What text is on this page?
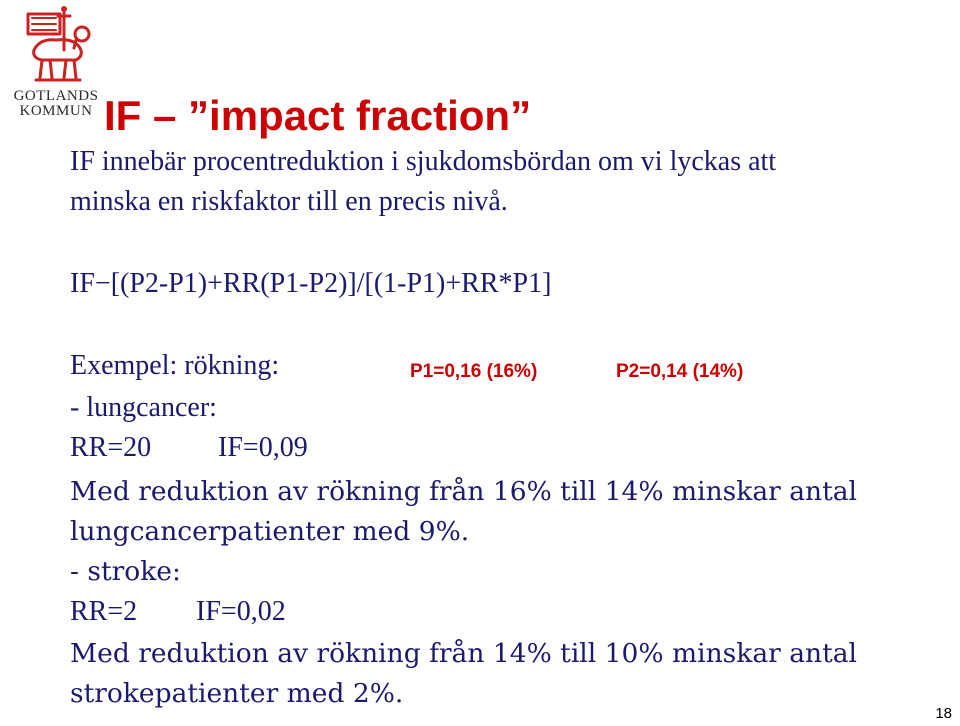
GOTLANDS
KOMMUN IF – ”impact fraction”
IF innebär procentreduktion i sjukdomsbördan om vi lyckas att
minska en riskfaktor till en precis nivå.
IF−[(P2-P1)+RR(P1-P2)]/[(1-P1)+RR*P1]
Exempel: rökning:	P1=0,16 (16%)	P2=0,14 (14%)
- lungcancer:
RR=20 IF=0,09
Med reduktion av rökning från 16% till 14% minskar antal
lungcancerpatienter med 9%.
- stroke:
RR=2 IF=0,02
Med reduktion av rökning från 14% till 10% minskar antal
strokepatienter med 2%.
18
